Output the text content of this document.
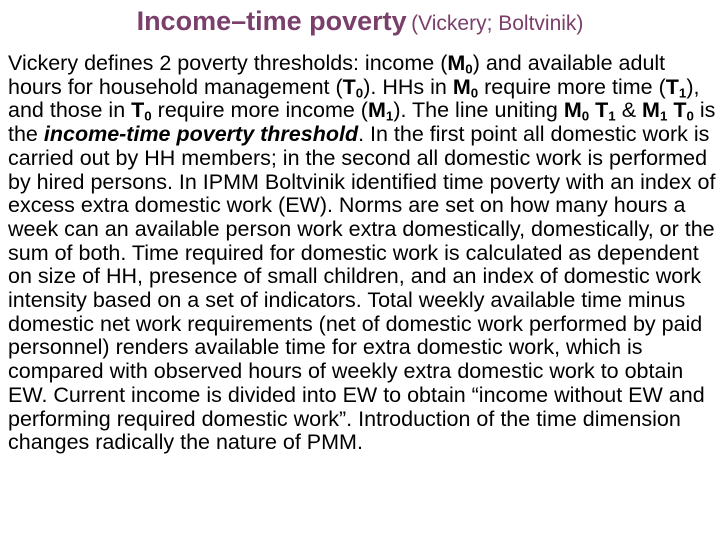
Income–time poverty (Vickery; Boltvinik)
Vickery defines 2 poverty thresholds: income $(M_0)$ and available adult hours for household management $(T_0)$. HHs in $M_0$ require more time $(T_1)$, and those in $T_0$ require more income $(M_1)$. The line uniting $M_0$ $T_1$ & $M_1$ $T_0$ is the income-time poverty threshold. In the first point all domestic work is carried out by HH members; in the second all domestic work is performed by hired persons. In IPMM Boltvinik identified time poverty with an index of excess extra domestic work (EW). Norms are set on how many hours a week can an available person work extra domestically, domestically, or the sum of both. Time required for domestic work is calculated as dependent on size of HH, presence of small children, and an index of domestic work intensity based on a set of indicators. Total weekly available time minus domestic net work requirements (net of domestic work performed by paid personnel) renders available time for extra domestic work, which is compared with observed hours of weekly extra domestic work to obtain EW. Current income is divided into EW to obtain “income without EW and performing required domestic work”. Introduction of the time dimension changes radically the nature of PMM.
